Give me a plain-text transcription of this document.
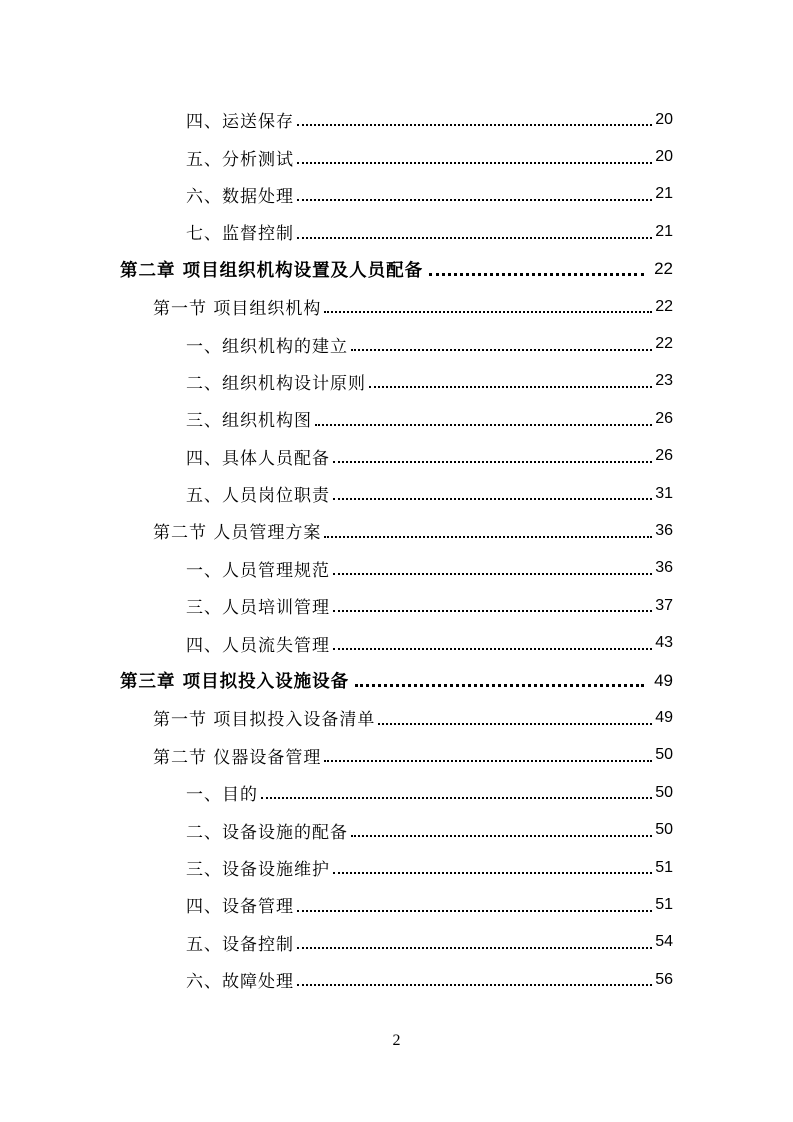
四、运送保存	20
五、分析测试	20
六、数据处理	21
七、监督控制	21
第二章 项目组织机构设置及人员配备	22
第一节 项目组织机构	22
一、组织机构的建立	22
二、组织机构设计原则	23
三、组织机构图	26
四、具体人员配备	26
五、人员岗位职责	31
第二节 人员管理方案	36
一、人员管理规范	36
三、人员培训管理	37
四、人员流失管理	43
第三章 项目拟投入设施设备	49
第一节 项目拟投入设备清单	49
第二节 仪器设备管理	50
一、目的	50
二、设备设施的配备	50
三、设备设施维护	51
四、设备管理	51
五、设备控制	54
六、故障处理	56
2
